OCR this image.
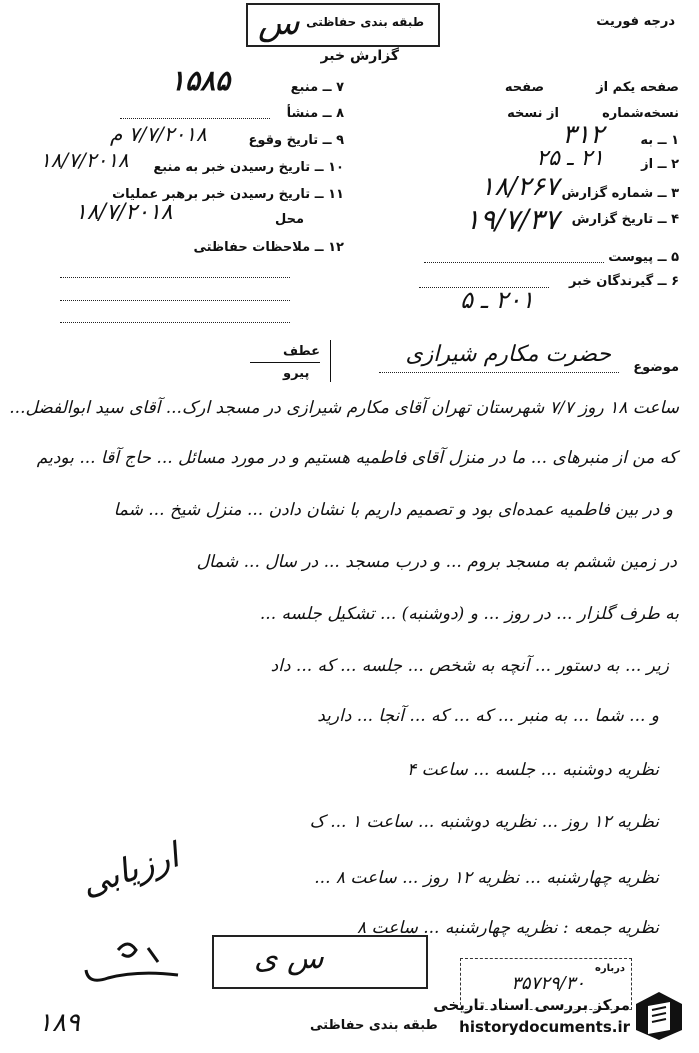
س طبقه بندی حفاظتی
گزارش خبر
درجه فوریت
صفحه یکم از
صفحه
نسخه‌شماره
از نسخه
۱ ــ به
۳۱۲
۲ ــ از
۲۱ ـ ۲۵
۳ ــ شماره گزارش
۱۸/۲۶۷
۴ ــ تاریخ گزارش
۱۹/۷/۳۷
۵ ــ پیوست
۶ ــ گیرندگان خبر
۲۰۱ ـ ۵
۷ ــ منبع
۱۵۸۵
۸ ــ منشأ
۹ ــ تاریخ وقوع
۷/۷/۲۰۱۸ م
۱۰ ــ تاریخ رسیدن خبر به منبع
۱۸/۷/۲۰۱۸
۱۱ ــ تاریخ رسیدن خبر برهبر عملیات
محل
۱۸/۷/۲۰۱۸
۱۲ ــ ملاحظات حفاظتی
عطف
پیرو	موضوع
حضرت مکارم شیرازی
ساعت ۱۸ روز ۷/۷ شهرستان تهران آقای مکارم شیرازی در مسجد ارک... آقای سید ابوالفضل...
که من از منبرهای ... ما در منزل آقای فاطمیه هستیم و در مورد مسائل ... حاج آقا ... بودیم
و در بین فاطمیه عمده‌ای بود و تصمیم داریم با نشان دادن ... منزل شیخ ... شما
در زمین ششم به مسجد بروم ... و درب مسجد ... در سال ... شمال
به طرف گلزار ... در روز ... و (دوشنبه) ... تشکیل جلسه ...
زیر ... به دستور ... آنچه به شخص ... جلسه ... که ... داد
و ... شما ... به منبر ... که ... که ... آنجا ... دارید
نظریه دوشنبه ... جلسه ... ساعت ۴
نظریه ۱۲ روز ... نظریه دوشنبه ... ساعت ۱ ... ک
نظریه چهارشنبه ... نظریه ۱۲ روز ... ساعت ۸ ...
نظریه جمعه : نظریه چهارشنبه ... ساعت ۸
ارزیابی
س ی	درباره
۳۵۷۲۹/۳۰
۱۸۹	طبقه بندی حفاظتی
مرکز بررسی اسناد تاریخی
historydocuments.ir
